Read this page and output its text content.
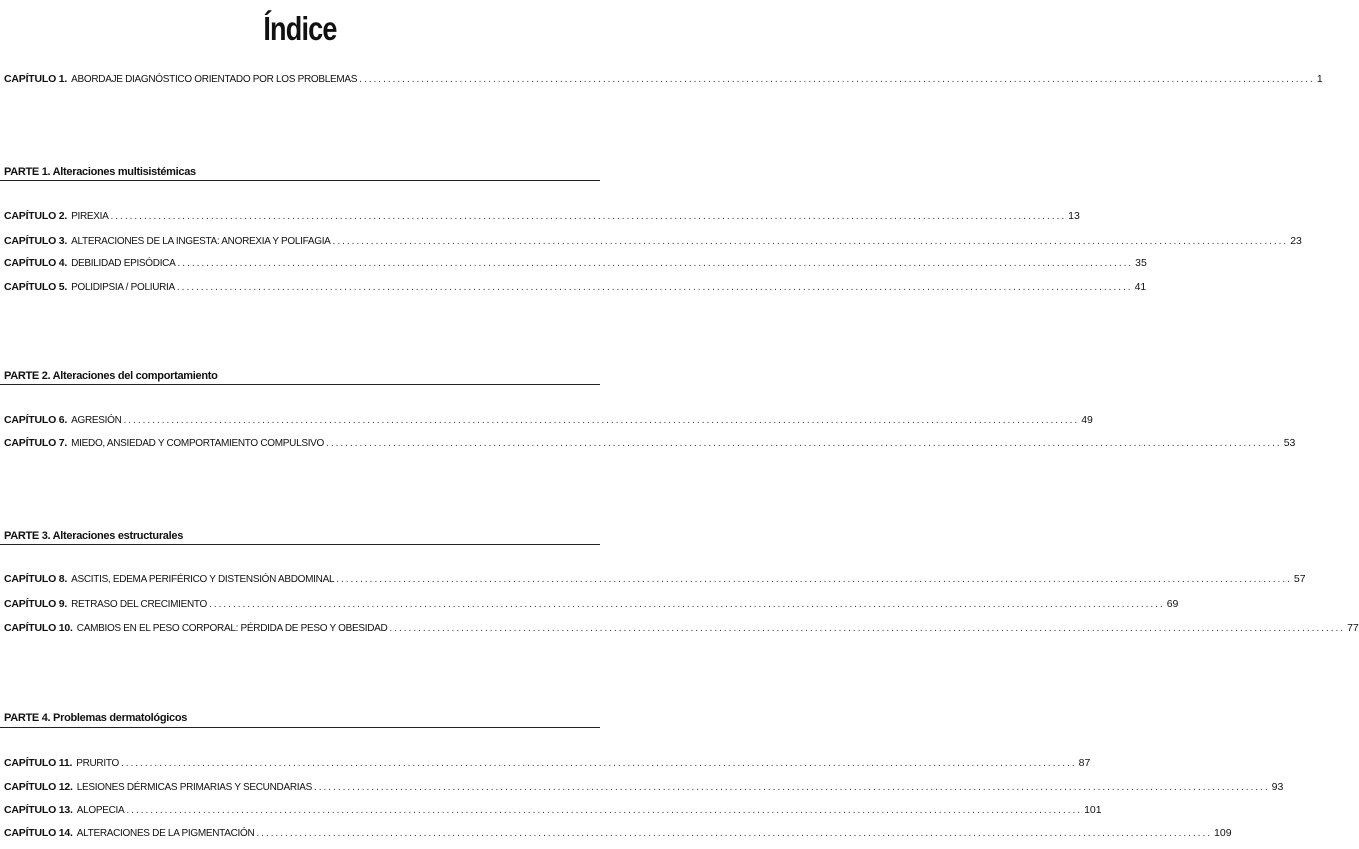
Índice
CAPÍTULO 1. ABORDAJE DIAGNÓSTICO ORIENTADO POR LOS PROBLEMAS ........................................................................................................................................................................................................ 1
PARTE 1. Alteraciones multisistémicas
CAPÍTULO 2. PIREXIA ........................................................................................................................................................................................................ 13
CAPÍTULO 3. ALTERACIONES DE LA INGESTA: ANOREXIA Y POLIFAGIA ........................................................................................................................................................................................................ 23
CAPÍTULO 4. DEBILIDAD EPISÓDICA ........................................................................................................................................................................................................ 35
CAPÍTULO 5. POLIDIPSIA / POLIURIA ........................................................................................................................................................................................................ 41
PARTE 2. Alteraciones del comportamiento
CAPÍTULO 6. AGRESIÓN ........................................................................................................................................................................................................ 49
CAPÍTULO 7. MIEDO, ANSIEDAD Y COMPORTAMIENTO COMPULSIVO ........................................................................................................................................................................................................ 53
PARTE 3. Alteraciones estructurales
CAPÍTULO 8. ASCITIS, EDEMA PERIFÉRICO Y DISTENSIÓN ABDOMINAL ........................................................................................................................................................................................................ 57
CAPÍTULO 9. RETRASO DEL CRECIMIENTO ........................................................................................................................................................................................................ 69
CAPÍTULO 10. CAMBIOS EN EL PESO CORPORAL: PÉRDIDA DE PESO Y OBESIDAD ........................................................................................................................................................................................................ 77
PARTE 4. Problemas dermatológicos
CAPÍTULO 11. PRURITO ........................................................................................................................................................................................................ 87
CAPÍTULO 12. LESIONES DÉRMICAS PRIMARIAS Y SECUNDARIAS ........................................................................................................................................................................................................ 93
CAPÍTULO 13. ALOPECIA ........................................................................................................................................................................................................ 101
CAPÍTULO 14. ALTERACIONES DE LA PIGMENTACIÓN ........................................................................................................................................................................................................ 109
